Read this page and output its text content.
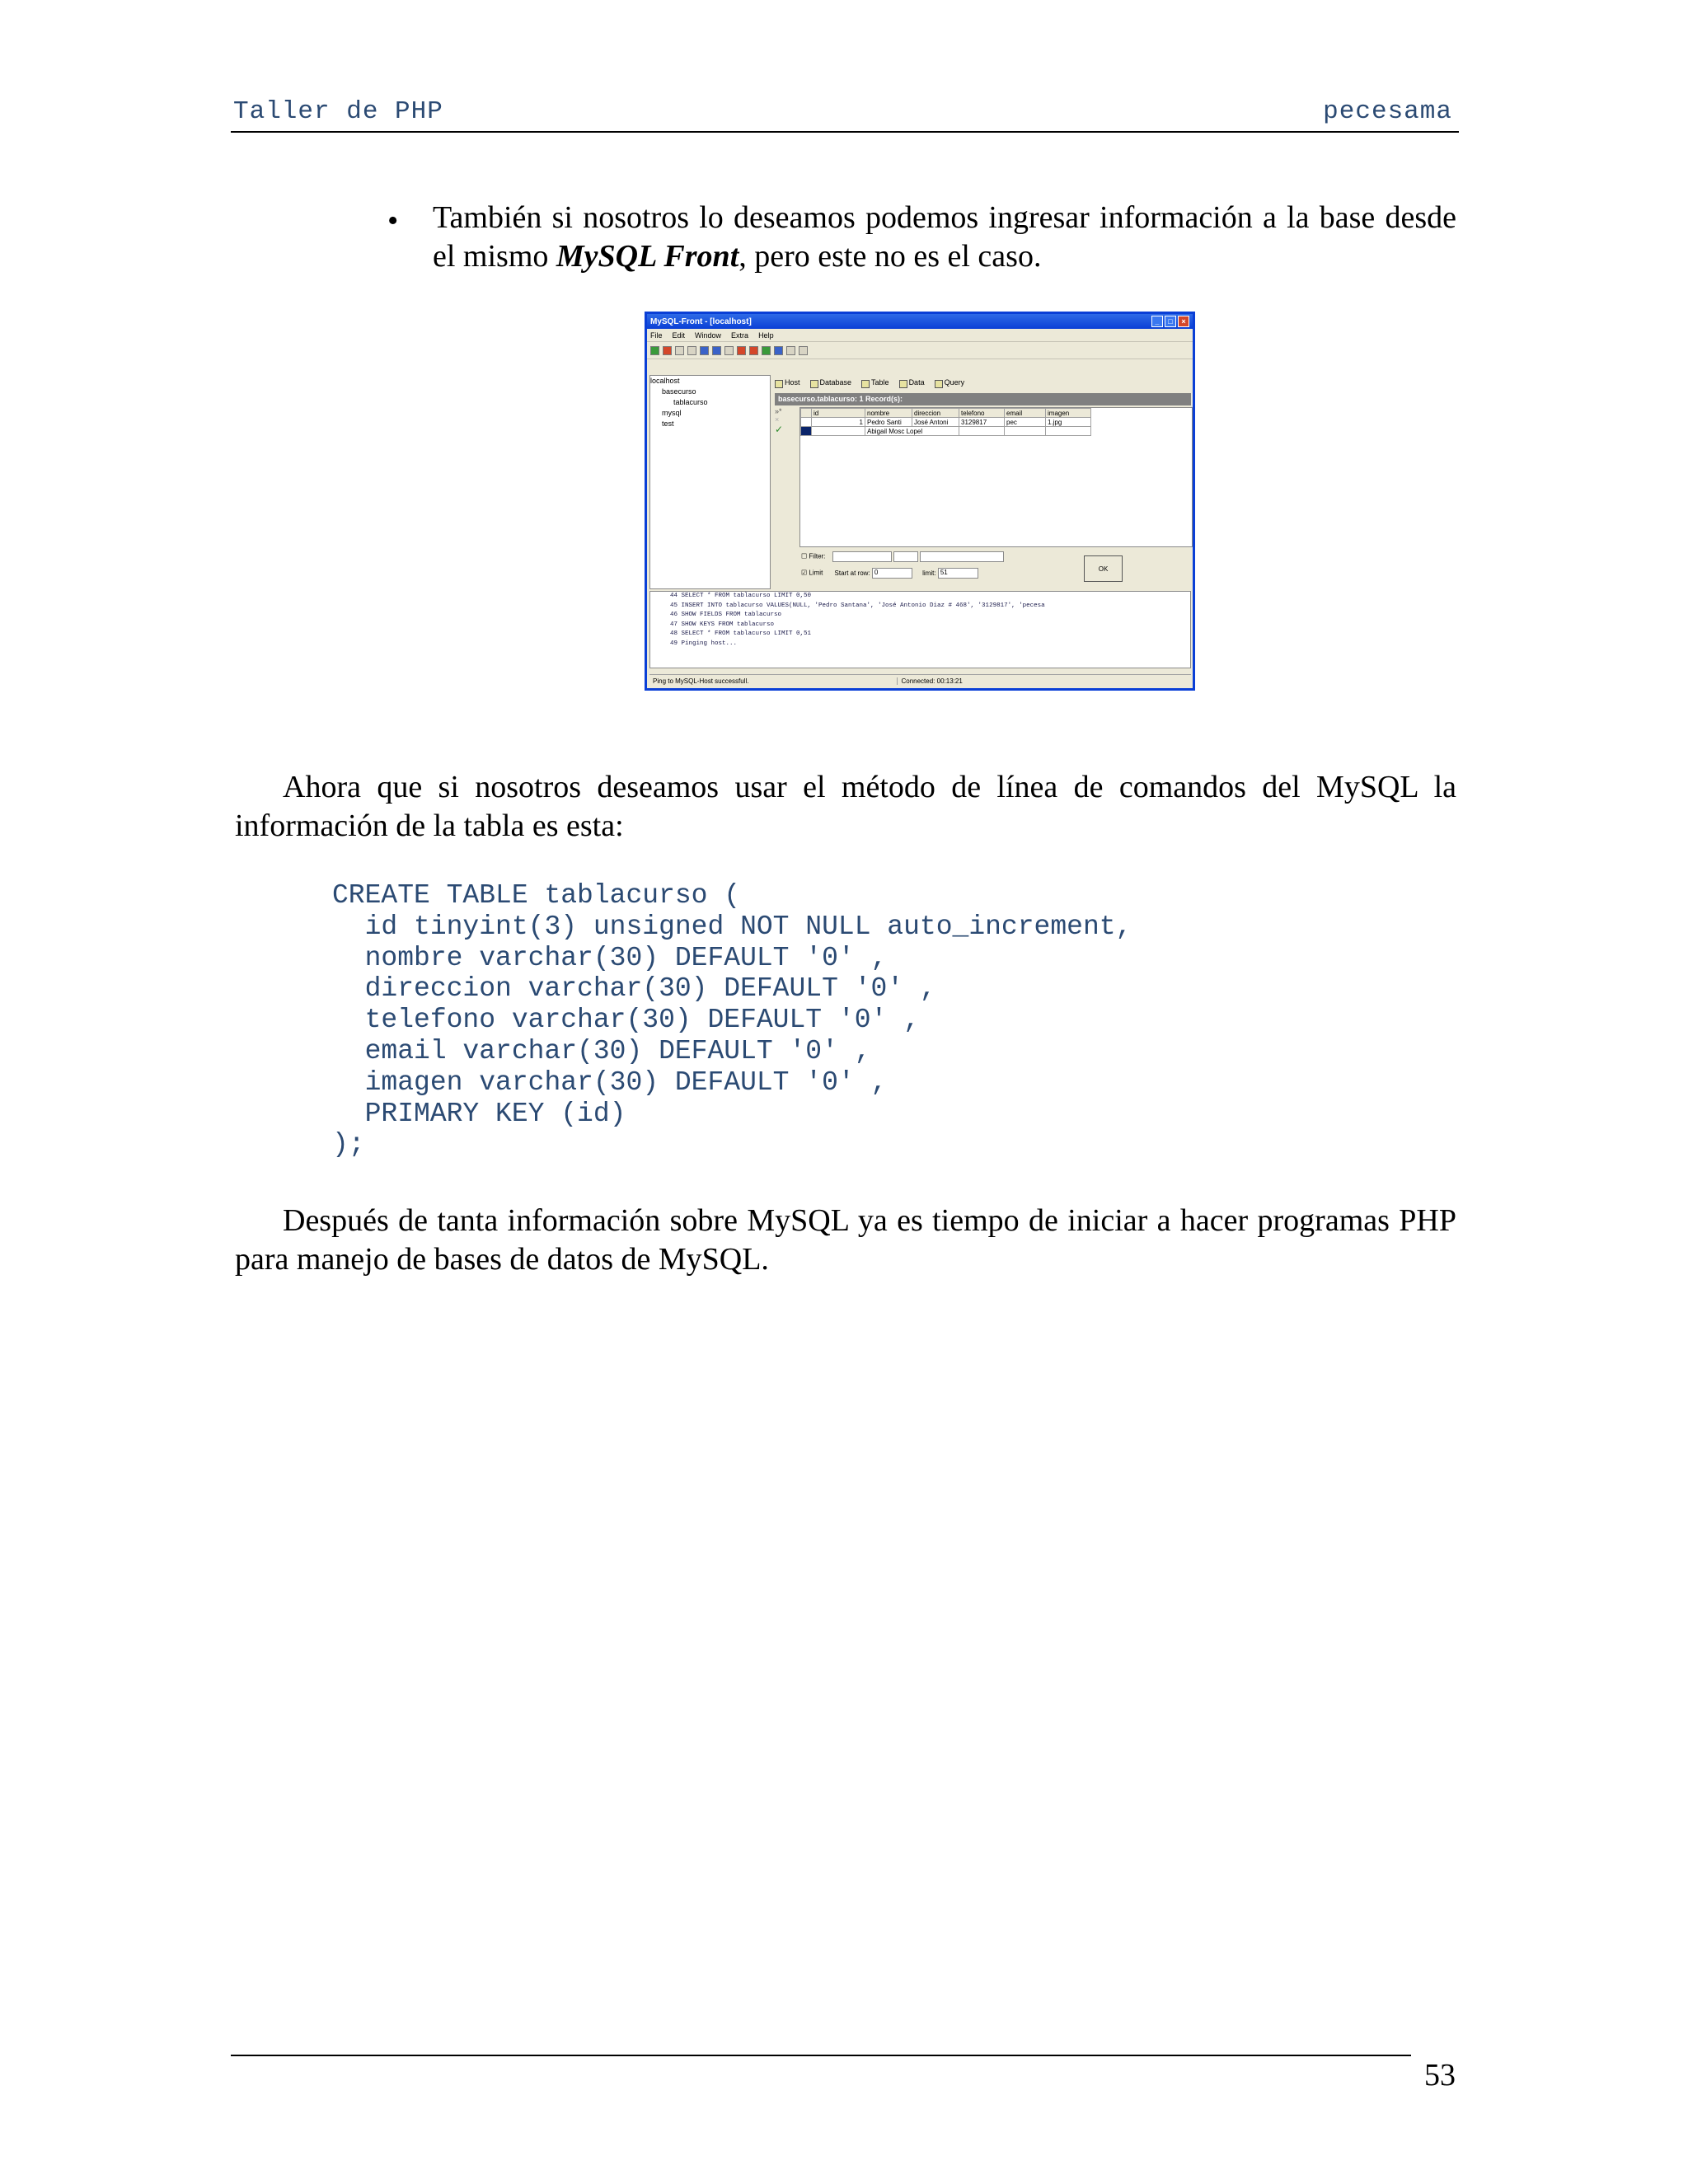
Taller de PHP	pecesama
• También si nosotros lo deseamos podemos ingresar información a la base desde el mismo MySQL Front, pero este no es el caso.
MySQL-Front - [localhost]	_	□	×
File Edit Window Extra Help
localhost
basecurso
tablacurso
mysql
test
Host	Database	Table	Data	Query
basecurso.tablacurso: 1 Record(s):
»*
×
✓
	id	nombre	direccion	telefono	email	imagen
	1	Pedro Santi	José Antoni	3129817	pec	1.jpg
		Abigail Mosc Lopel				
☐ Filter:
☑ Limit Start at row: 0	limit: 51	OK
44 SELECT * FROM tablacurso LIMIT 0,50
45 INSERT INTO tablacurso VALUES(NULL, 'Pedro Santana', 'José Antonio Diaz # 468', '3129817', 'pecesa
46 SHOW FIELDS FROM tablacurso
47 SHOW KEYS FROM tablacurso
48 SELECT * FROM tablacurso LIMIT 0,51
49 Pinging host...
Ping to MySQL-Host successfull.	Connected: 00:13:21
Ahora que si nosotros deseamos usar el método de línea de comandos del MySQL la información de la tabla es esta:
CREATE TABLE tablacurso (
id tinyint(3) unsigned NOT NULL auto_increment,
nombre varchar(30) DEFAULT '0' ,
direccion varchar(30) DEFAULT '0' ,
telefono varchar(30) DEFAULT '0' ,
email varchar(30) DEFAULT '0' ,
imagen varchar(30) DEFAULT '0' ,
PRIMARY KEY (id)
);
Después de tanta información sobre MySQL ya es tiempo de iniciar a hacer programas PHP para manejo de bases de datos de MySQL.
53
